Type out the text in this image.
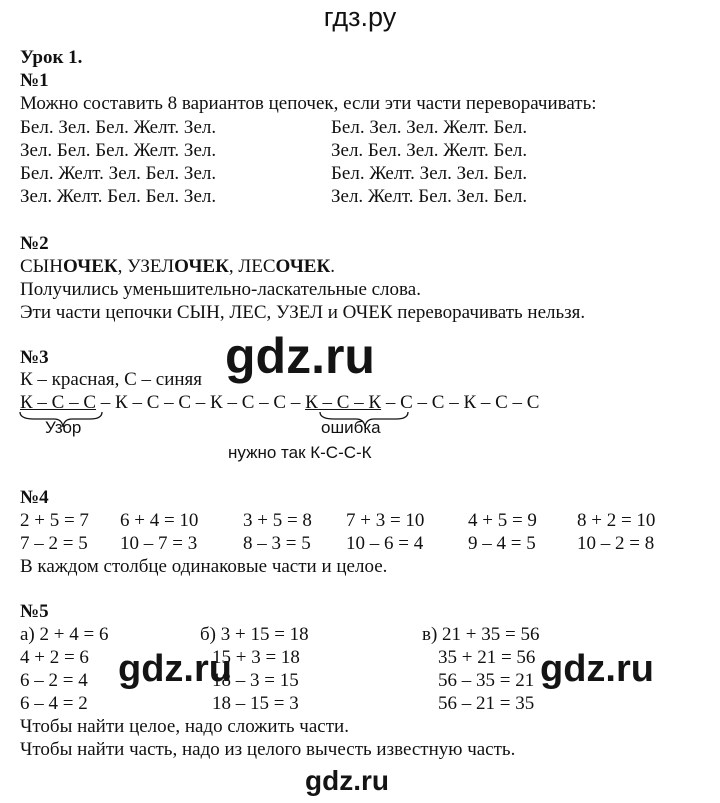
гдз.ру
Урок 1.
№1
Можно составить 8 вариантов цепочек, если эти части переворачивать:
Бел. Зел. Бел. Желт. Зел.
Зел. Бел. Бел. Желт. Зел.
Бел. Желт. Зел. Бел. Зел.
Зел. Желт. Бел. Бел. Зел.
Бел. Зел. Зел. Желт. Бел.
Зел. Бел. Зел. Желт. Бел.
Бел. Желт. Зел. Зел. Бел.
Зел. Желт. Бел. Зел. Бел.
№2
СЫНОЧЕК, УЗЕЛОЧЕК, ЛЕСОЧЕК.
Получились уменьшительно-ласкательные слова.
Эти части цепочки СЫН, ЛЕС, УЗЕЛ и ОЧЕК переворачивать нельзя.
№3
К – красная, С – синяя
К – С – С – К – С – С – К – С – С – К – С – К – С – С – К – С – С
Узор	ошибка
нужно так К-С-С-К
№4
2 + 5 = 7 6 + 4 = 10 3 + 5 = 8 7 + 3 = 10 4 + 5 = 9 8 + 2 = 10
7 – 2 = 5 10 – 7 = 3 8 – 3 = 5 10 – 6 = 4 9 – 4 = 5 10 – 2 = 8
В каждом столбце одинаковые части и целое.
№5
а) 2 + 4 = 6
4 + 2 = 6
6 – 2 = 4
6 – 4 = 2
б) 3 + 15 = 18
15 + 3 = 18
18 – 3 = 15
18 – 15 = 3
в) 21 + 35 = 56
35 + 21 = 56
56 – 35 = 21
56 – 21 = 35
Чтобы найти целое, надо сложить части.
Чтобы найти часть, надо из целого вычесть известную часть.
gdz.ru
gdz.ru	gdz.ru
gdz.ru
